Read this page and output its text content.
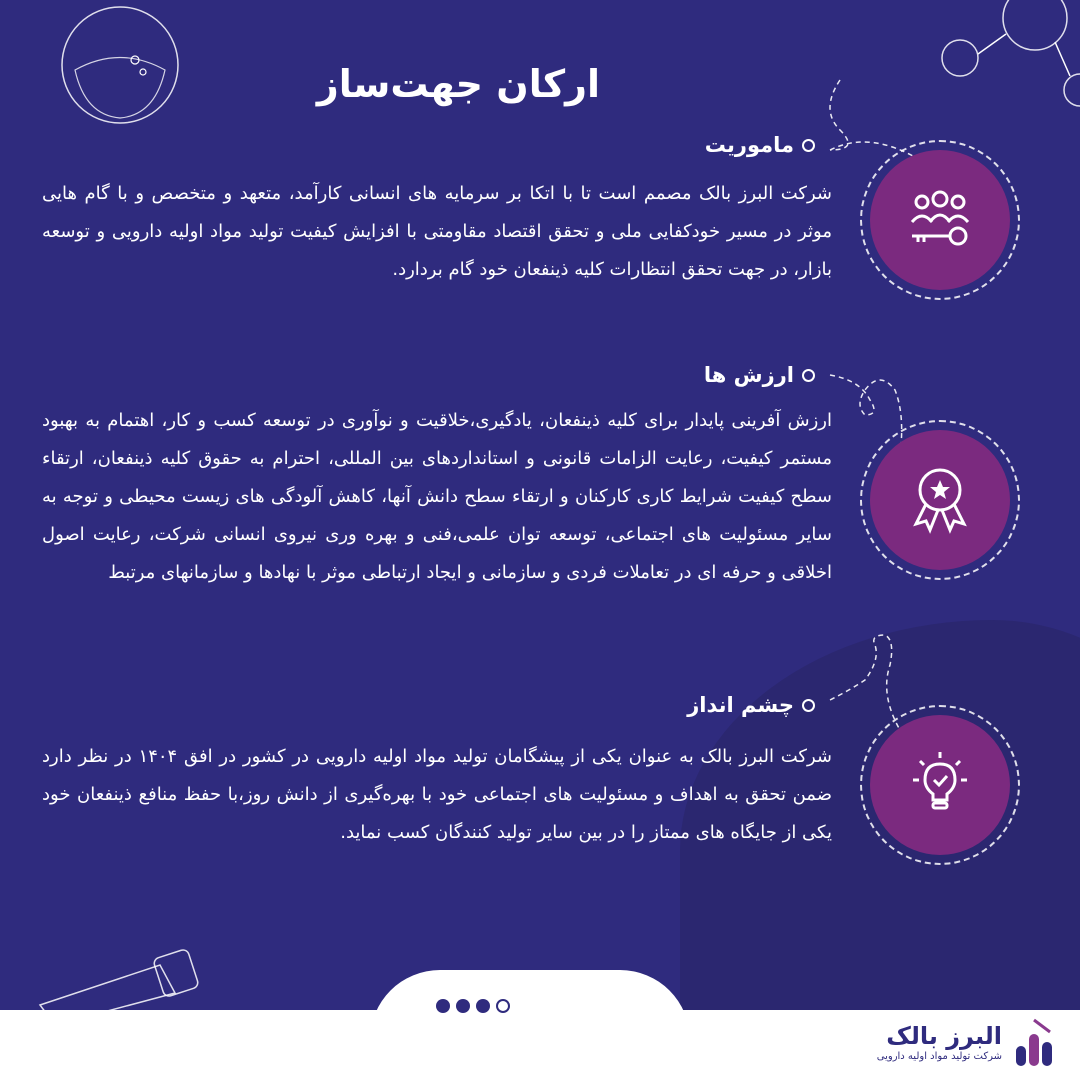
ارکان جهت‌ساز
ماموریت
شرکت البرز بالک مصمم است تا با اتکا بر سرمایه های انسانی کارآمد، متعهد و متخصص و با گام هایی موثر در مسیر خودکفایی ملی و تحقق اقتصاد مقاومتی با افزایش کیفیت تولید مواد اولیه دارویی و توسعه بازار، در جهت تحقق انتظارات کلیه ذینفعان خود گام بردارد.
ارزش ها
ارزش آفرینی پایدار برای کلیه ذینفعان، یادگیری،خلاقیت و نوآوری در توسعه کسب و کار، اهتمام به بهبود مستمر کیفیت، رعایت الزامات قانونی و استانداردهای بین المللی، احترام به حقوق کلیه ذینفعان، ارتقاء سطح کیفیت شرایط کاری کارکنان و ارتقاء سطح دانش آنها، کاهش آلودگی های زیست محیطی و توجه به سایر مسئولیت های اجتماعی، توسعه توان علمی،فنی و بهره وری نیروی انسانی شرکت، رعایت اصول اخلاقی و حرفه ای در تعاملات فردی و سازمانی و ایجاد ارتباطی موثر با نهادها و سازمانهای مرتبط
چشم انداز
شرکت البرز بالک به عنوان یکی از پیشگامان تولید مواد اولیه دارویی در کشور در افق ۱۴۰۴ در نظر دارد ضمن تحقق به اهداف و مسئولیت های اجتماعی خود با بهره‌گیری از دانش روز،با حفظ منافع ذینفعان خود یکی از جایگاه های ممتاز را در بین سایر تولید کنندگان کسب نماید.
البرز بالک
شرکت تولید مواد اولیه دارویی
